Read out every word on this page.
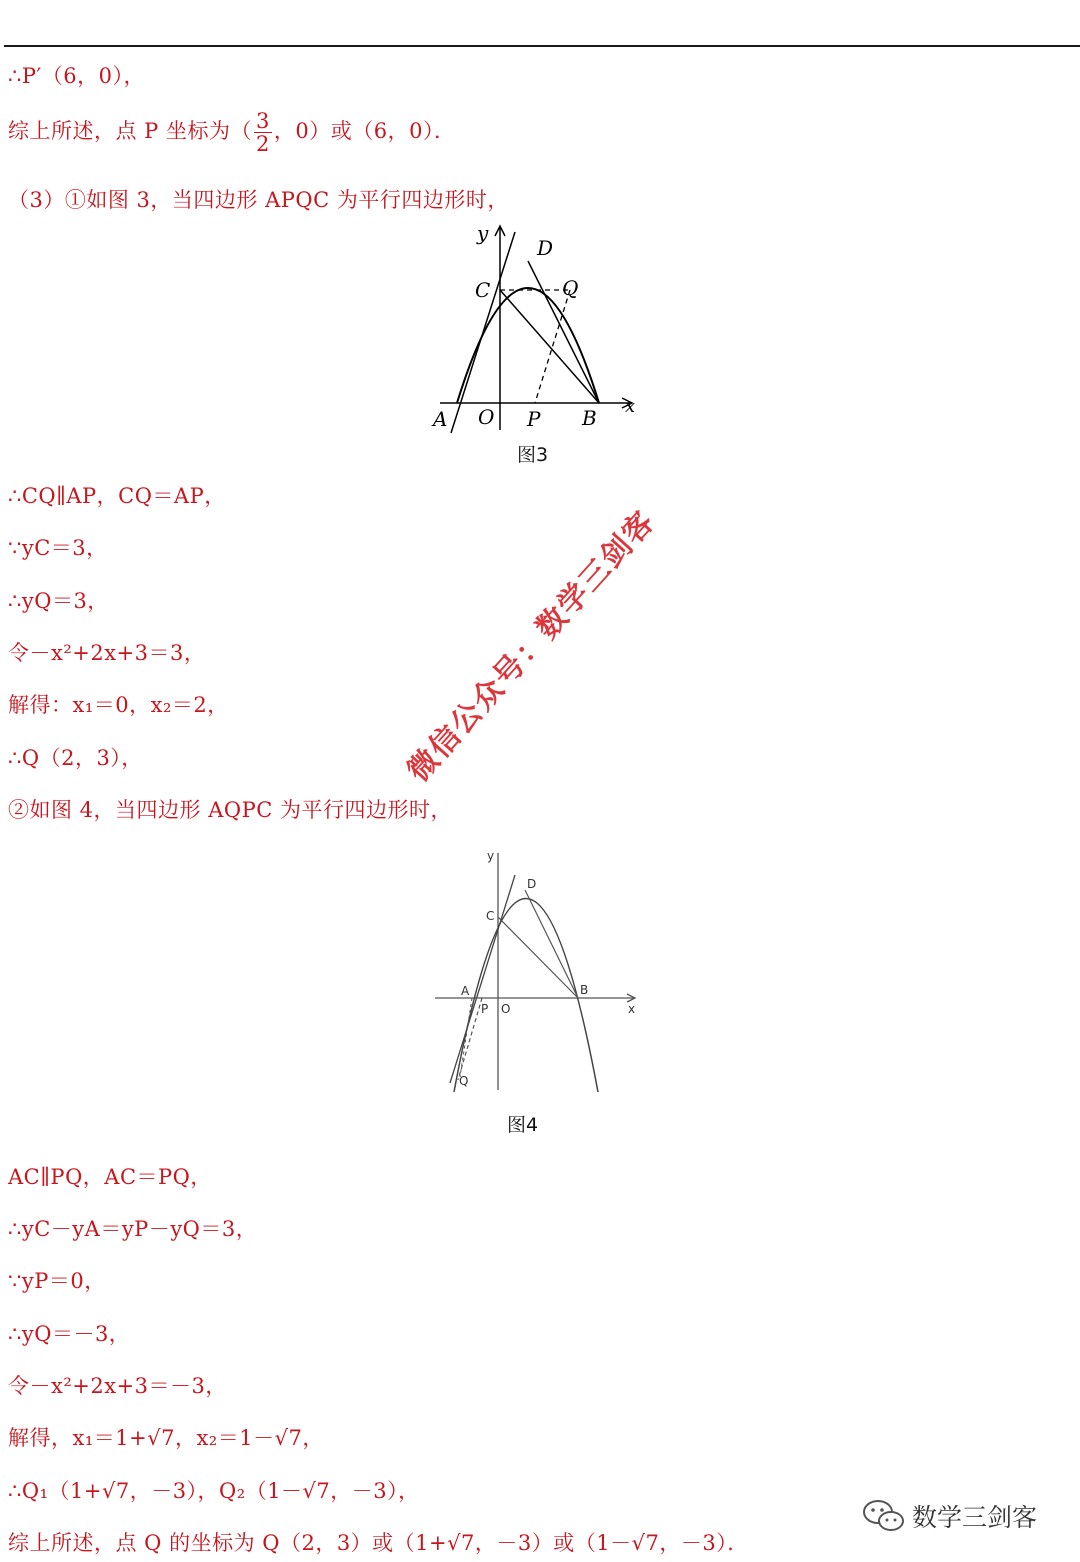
∴P′（6，0），
综上所述，点 P 坐标为（ $\frac{3}{2}$ ，0）或（6，0）．
（3）①如图 3，当四边形 APQC 为平行四边形时，
y
D
C	Q
A O P B x
图3
∴CQ∥AP，CQ＝AP，
∵yC＝3，
∴yQ＝3，
令－x²+2x+3＝3，
解得：x₁＝0，x₂＝2，
∴Q（2，3），
②如图 4，当四边形 AQPC 为平行四边形时，
y
D
C
A
P O
B
x
Q
图4
AC∥PQ，AC＝PQ，
∴yC－yA＝yP－yQ＝3，
∵yP＝0，
∴yQ＝－3，
令－x²+2x+3＝－3，
解得，x₁＝1+√7，x₂＝1－√7，
∴Q₁（1+√7，－3），Q₂（1－√7，－3），
综上所述，点 Q 的坐标为 Q（2，3）或（1+√7，－3）或（1－√7，－3）．
微信公众号：数学三剑客
数学三剑客
